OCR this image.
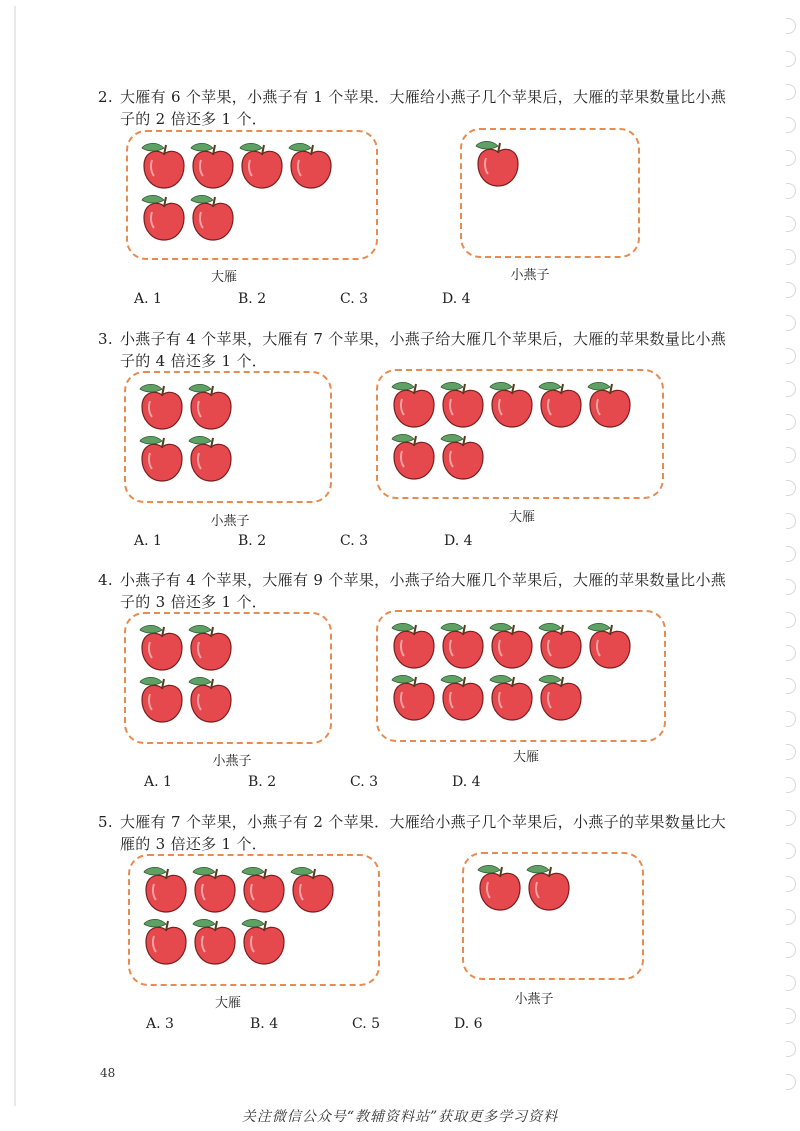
2. 大雁有 6 个苹果，小燕子有 1 个苹果．大雁给小燕子几个苹果后，大雁的苹果数量比小燕
子的 2 倍还多 1 个．
大雁	小燕子
A. 1	B. 2	C. 3	D. 4
3. 小燕子有 4 个苹果，大雁有 7 个苹果，小燕子给大雁几个苹果后，大雁的苹果数量比小燕
子的 4 倍还多 1 个．
小燕子	大雁
A. 1	B. 2	C. 3	D. 4
4. 小燕子有 4 个苹果，大雁有 9 个苹果，小燕子给大雁几个苹果后，大雁的苹果数量比小燕
子的 3 倍还多 1 个．
小燕子	大雁
A. 1	B. 2	C. 3	D. 4
5. 大雁有 7 个苹果，小燕子有 2 个苹果．大雁给小燕子几个苹果后，小燕子的苹果数量比大
雁的 3 倍还多 1 个．
大雁	小燕子
A. 3	B. 4	C. 5	D. 6
48
关注微信公众号“教辅资料站”获取更多学习资料
